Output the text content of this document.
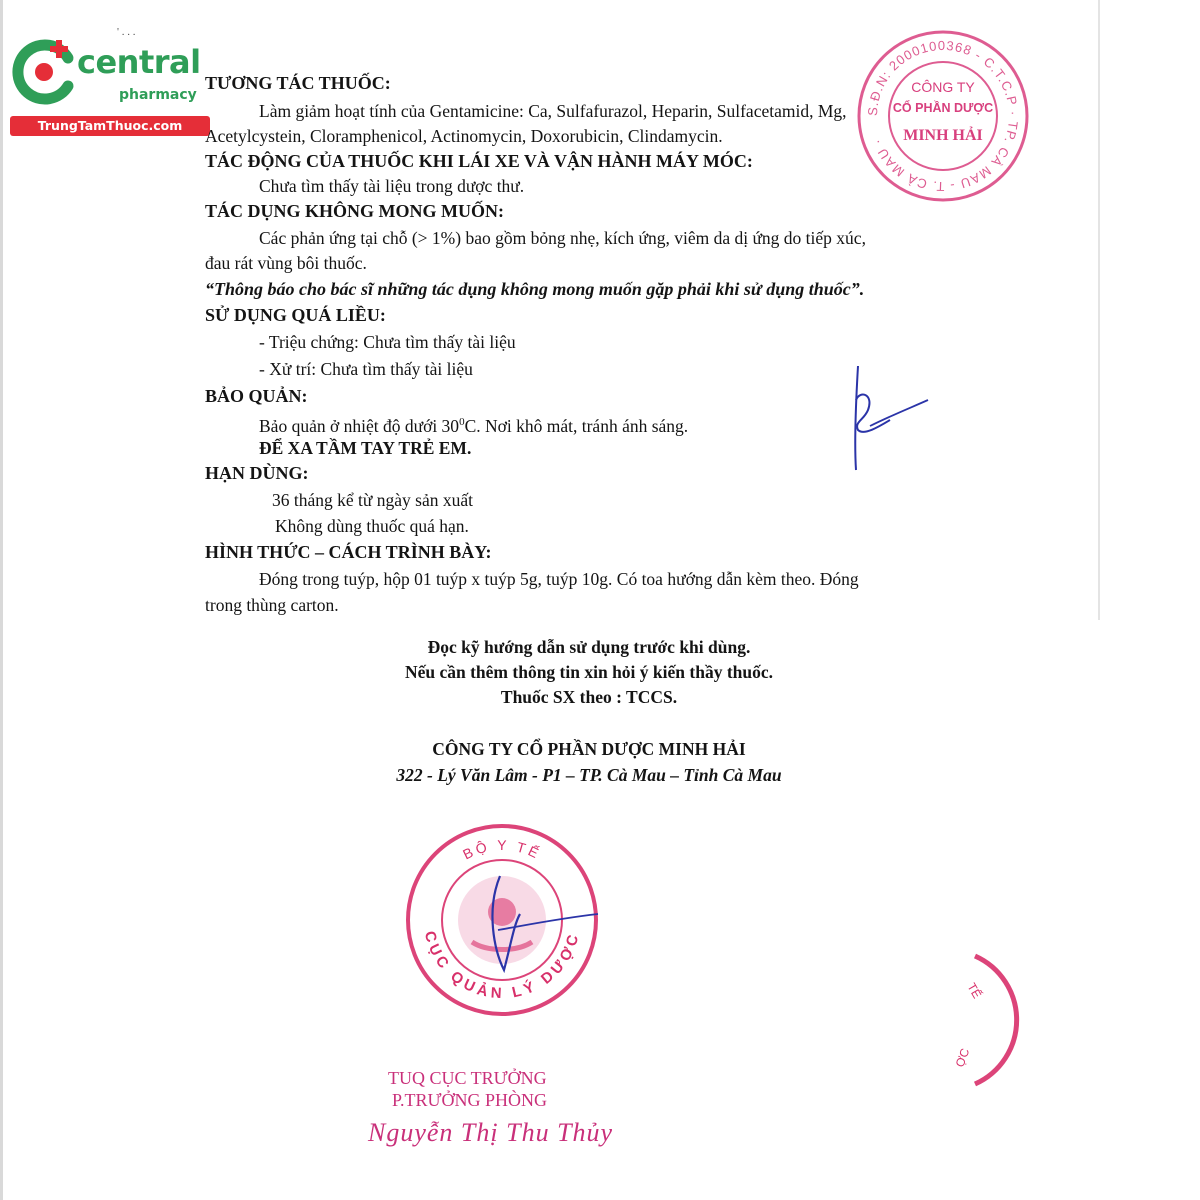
' . . .
central
pharmacy
TrungTamThuoc.com
TƯƠNG TÁC THUỐC:
Làm giảm hoạt tính của Gentamicine: Ca, Sulfafurazol, Heparin, Sulfacetamid, Mg,
Acetylcystein, Cloramphenicol, Actinomycin, Doxorubicin, Clindamycin.
TÁC ĐỘNG CỦA THUỐC KHI LÁI XE VÀ VẬN HÀNH MÁY MÓC:
Chưa tìm thấy tài liệu trong dược thư.
TÁC DỤNG KHÔNG MONG MUỐN:
Các phản ứng tại chỗ (> 1%) bao gồm bỏng nhẹ, kích ứng, viêm da dị ứng do tiếp xúc,
đau rát vùng bôi thuốc.
“Thông báo cho bác sĩ những tác dụng không mong muốn gặp phải khi sử dụng thuốc”.
SỬ DỤNG QUÁ LIỀU:
- Triệu chứng: Chưa tìm thấy tài liệu
- Xử trí: Chưa tìm thấy tài liệu
BẢO QUẢN:
Bảo quản ở nhiệt độ dưới $30^0C$. Nơi khô mát, tránh ánh sáng.
ĐỂ XA TẦM TAY TRẺ EM.
HẠN DÙNG:
36 tháng kể từ ngày sản xuất
Không dùng thuốc quá hạn.
HÌNH THỨC – CÁCH TRÌNH BÀY:
Đóng trong tuýp, hộp 01 tuýp x tuýp 5g, tuýp 10g. Có toa hướng dẫn kèm theo. Đóng
trong thùng carton.
Đọc kỹ hướng dẫn sử dụng trước khi dùng.
Nếu cần thêm thông tin xin hỏi ý kiến thầy thuốc.
Thuốc SX theo : TCCS.
CÔNG TY CỔ PHẦN DƯỢC MINH HẢI
322 - Lý Văn Lâm - P1 – TP. Cà Mau – Tỉnh Cà Mau
S.Đ.N: 2000100368 - C.T.C.P · TP. CÀ MAU - T. CÀ MAU ·
CÔNG TY
CỔ PHẦN DƯỢC
MINH HẢI
BỘ Y TẾ
CỤC QUẢN LÝ DƯỢC
TẾ
ỢC
TUQ CỤC TRƯỞNG
P.TRƯỞNG PHÒNG
Nguyễn Thị Thu Thủy
